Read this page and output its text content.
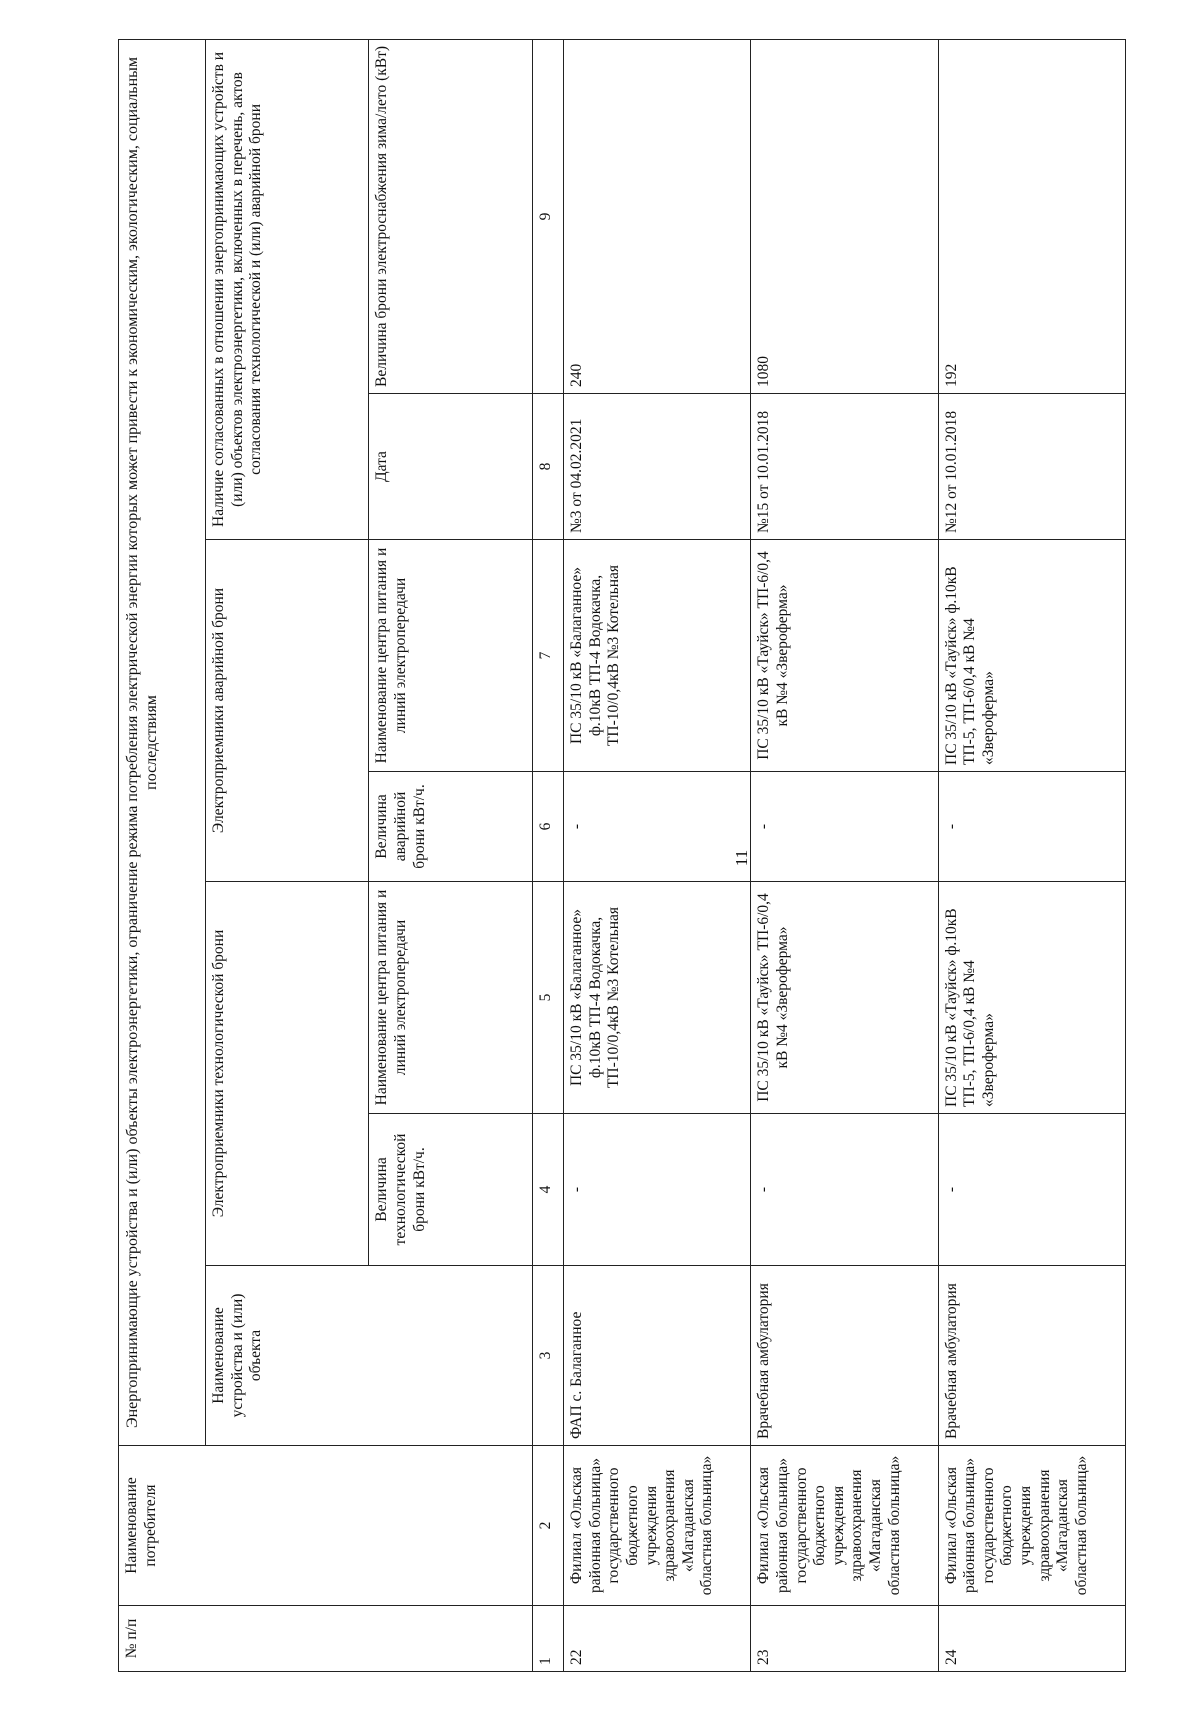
11
№ п/п	Наименование потребителя	Энергопринимающие устройства и (или) объекты электроэнергетики, ограничение режима потребления электрической энергии которых может привести к экономическим, экологическим, социальным последствиям						
		Наименование устройства и (или) объекта	Электроприемники технологической брони		Электроприемники аварийной брони		Наличие согласованных в отношении энергопринимающих устройств и (или) объектов электроэнергетики, включенных в перечень, актов согласования технологической и (или) аварийной брони	
			Величина технологической брони кВт/ч.	Наименование центра питания и линий электропередачи	Величина аварийной брони кВт/ч.	Наименование центра питания и линий электропередачи	Дата	Величина брони электроснабжения зима/лето (кВт)
1	2	3	4	5	6	7	8	9
22	Филиал «Ольская районная больница» государственного бюджетного учреждения здравоохранения «Магаданская областная больница»	ФАП с. Балаганное	-	ПС 35/10 кВ «Балаганное» ф.10кВ ТП-4 Водокачка, ТП-10/0,4кВ №3 Котельная	-	ПС 35/10 кВ «Балаганное» ф.10кВ ТП-4 Водокачка, ТП-10/0,4кВ №3 Котельная	№3 от 04.02.2021	240
23	Филиал «Ольская районная больница» государственного бюджетного учреждения здравоохранения «Магаданская областная больница»	Врачебная амбулатория	-	ПС 35/10 кВ «Тауйск» ТП-6/0,4 кВ №4 «Звероферма»	-	ПС 35/10 кВ «Тауйск» ТП-6/0,4 кВ №4 «Звероферма»	№15 от 10.01.2018	1080
24	Филиал «Ольская районная больница» государственного бюджетного учреждения здравоохранения «Магаданская областная больница»	Врачебная амбулатория	-	ПС 35/10 кВ «Тауйск» ф.10кВ ТП-5, ТП-6/0,4 кВ №4 «Звероферма»	-	ПС 35/10 кВ «Тауйск» ф.10кВ ТП-5, ТП-6/0,4 кВ №4 «Звероферма»	№12 от 10.01.2018	192
